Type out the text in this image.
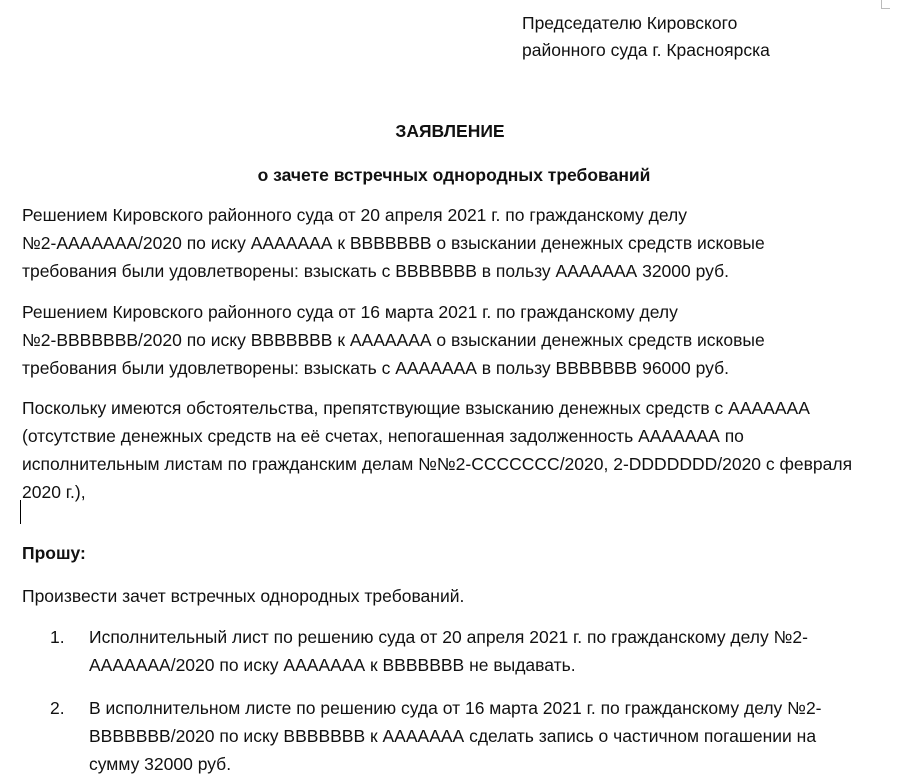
Председателю Кировского
районного суда г. Красноярска
ЗАЯВЛЕНИЕ
о зачете встречных однородных требований
Решением Кировского районного суда от 20 апреля 2021 г. по гражданскому делу
№2-ААААААА/2020 по иску ААААААА к ВВВВВВВ о взыскании денежных средств исковые
требования были удовлетворены: взыскать с ВВВВВВВ в пользу ААААААА 32000 руб.
Решением Кировского районного суда от 16 марта 2021 г. по гражданскому делу
№2-ВВВВВВВ/2020 по иску ВВВВВВВ к ААААААА о взыскании денежных средств исковые
требования были удовлетворены: взыскать с ААААААА в пользу ВВВВВВВ 96000 руб.
Поскольку имеются обстоятельства, препятствующие взысканию денежных средств с ААААААА
(отсутствие денежных средств на её счетах, непогашенная задолженность ААААААА по
исполнительным листам по гражданским делам №№2-ССССССС/2020, 2-DDDDDDD/2020 с февраля
2020 г.),
Прошу:
Произвести зачет встречных однородных требований.
1. Исполнительный лист по решению суда от 20 апреля 2021 г. по гражданскому делу №2-
ААААААА/2020 по иску ААААААА к ВВВВВВВ не выдавать.
2. В исполнительном листе по решению суда от 16 марта 2021 г. по гражданскому делу №2-
ВВВВВВВ/2020 по иску ВВВВВВВ к ААААААА сделать запись о частичном погашении на
сумму 32000 руб.
